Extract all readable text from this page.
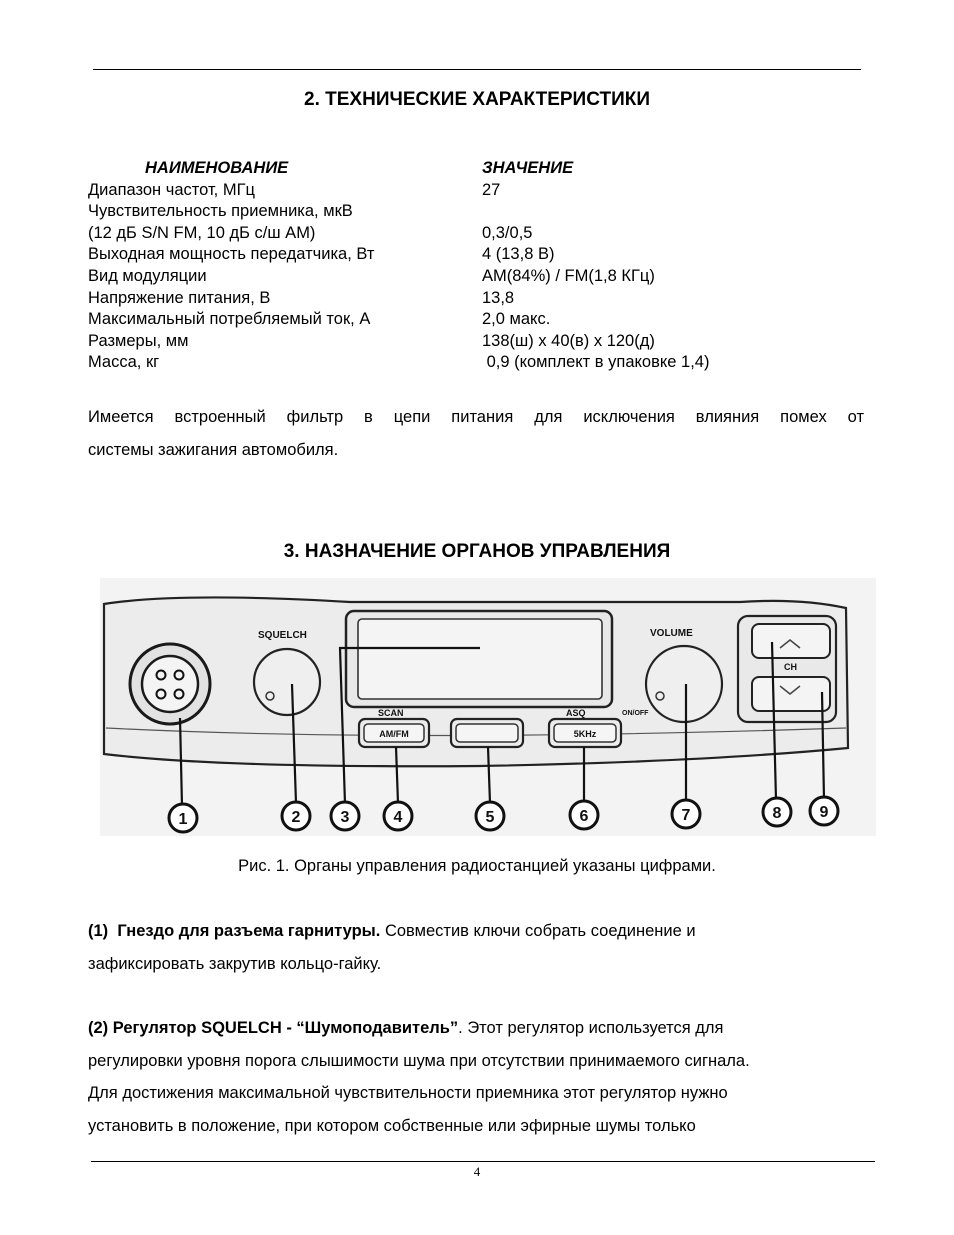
2. ТЕХНИЧЕСКИЕ ХАРАКТЕРИСТИКИ
НАИМЕНОВАНИЕ	ЗНАЧЕНИЕ
Диапазон частот, МГц	27
Чувствительность приемника, мкВ
(12 дБ S/N FM, 10 дБ с/ш AM)	0,3/0,5
Выходная мощность передатчика, Вт	4 (13,8 В)
Вид модуляции	AM(84%) / FM(1,8 КГц)
Напряжение питания, В	13,8
Максимальный потребляемый ток, А	2,0 макс.
Размеры, мм	138(ш) х 40(в) х 120(д)
Масса, кг	0,9 (комплект в упаковке 1,4)
Имеется встроенный фильтр в цепи питания для исключения влияния помех от
системы зажигания автомобиля.
3. НАЗНАЧЕНИЕ ОРГАНОВ УПРАВЛЕНИЯ
SQUELCH
SCAN	ASQ	ON/OFF
AM/FM	5KHz
VOLUME
CH
1	2	3	4	5	6	7	8 9
Рис. 1. Органы управления радиостанцией указаны цифрами.
(1)  Гнездо для разъема гарнитуры. Совместив ключи собрать соединение и
зафиксировать закрутив кольцо-гайку.
(2) Регулятор SQUELCH - “Шумоподавитель”. Этот регулятор используется для
регулировки уровня порога слышимости шума при отсутствии принимаемого сигнала.
Для достижения максимальной чувствительности приемника этот регулятор нужно
установить в положение, при котором собственные или эфирные шумы только
4
